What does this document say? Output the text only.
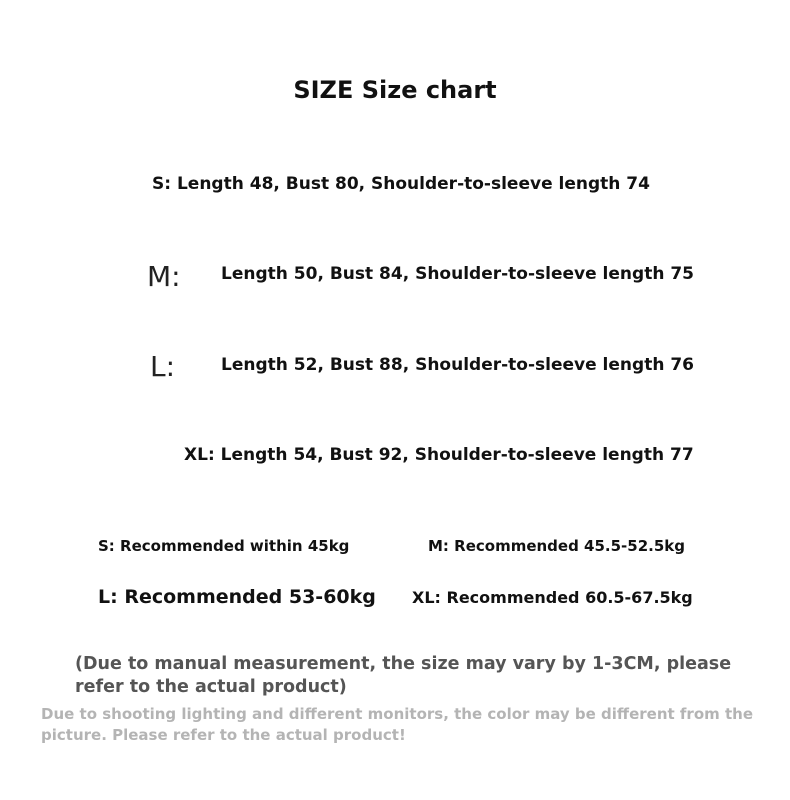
SIZE Size chart
S: Length 48, Bust 80, Shoulder-to-sleeve length 74
M: Length 50, Bust 84, Shoulder-to-sleeve length 75
L:	Length 52, Bust 88, Shoulder-to-sleeve length 76
XL: Length 54, Bust 92, Shoulder-to-sleeve length 77
S: Recommended within 45kg	M: Recommended 45.5-52.5kg
L: Recommended 53-60kg XL: Recommended 60.5-67.5kg
(Due to manual measurement, the size may vary by 1-3CM, please refer to the actual product)
Due to shooting lighting and different monitors, the color may be different from the picture. Please refer to the actual product!
